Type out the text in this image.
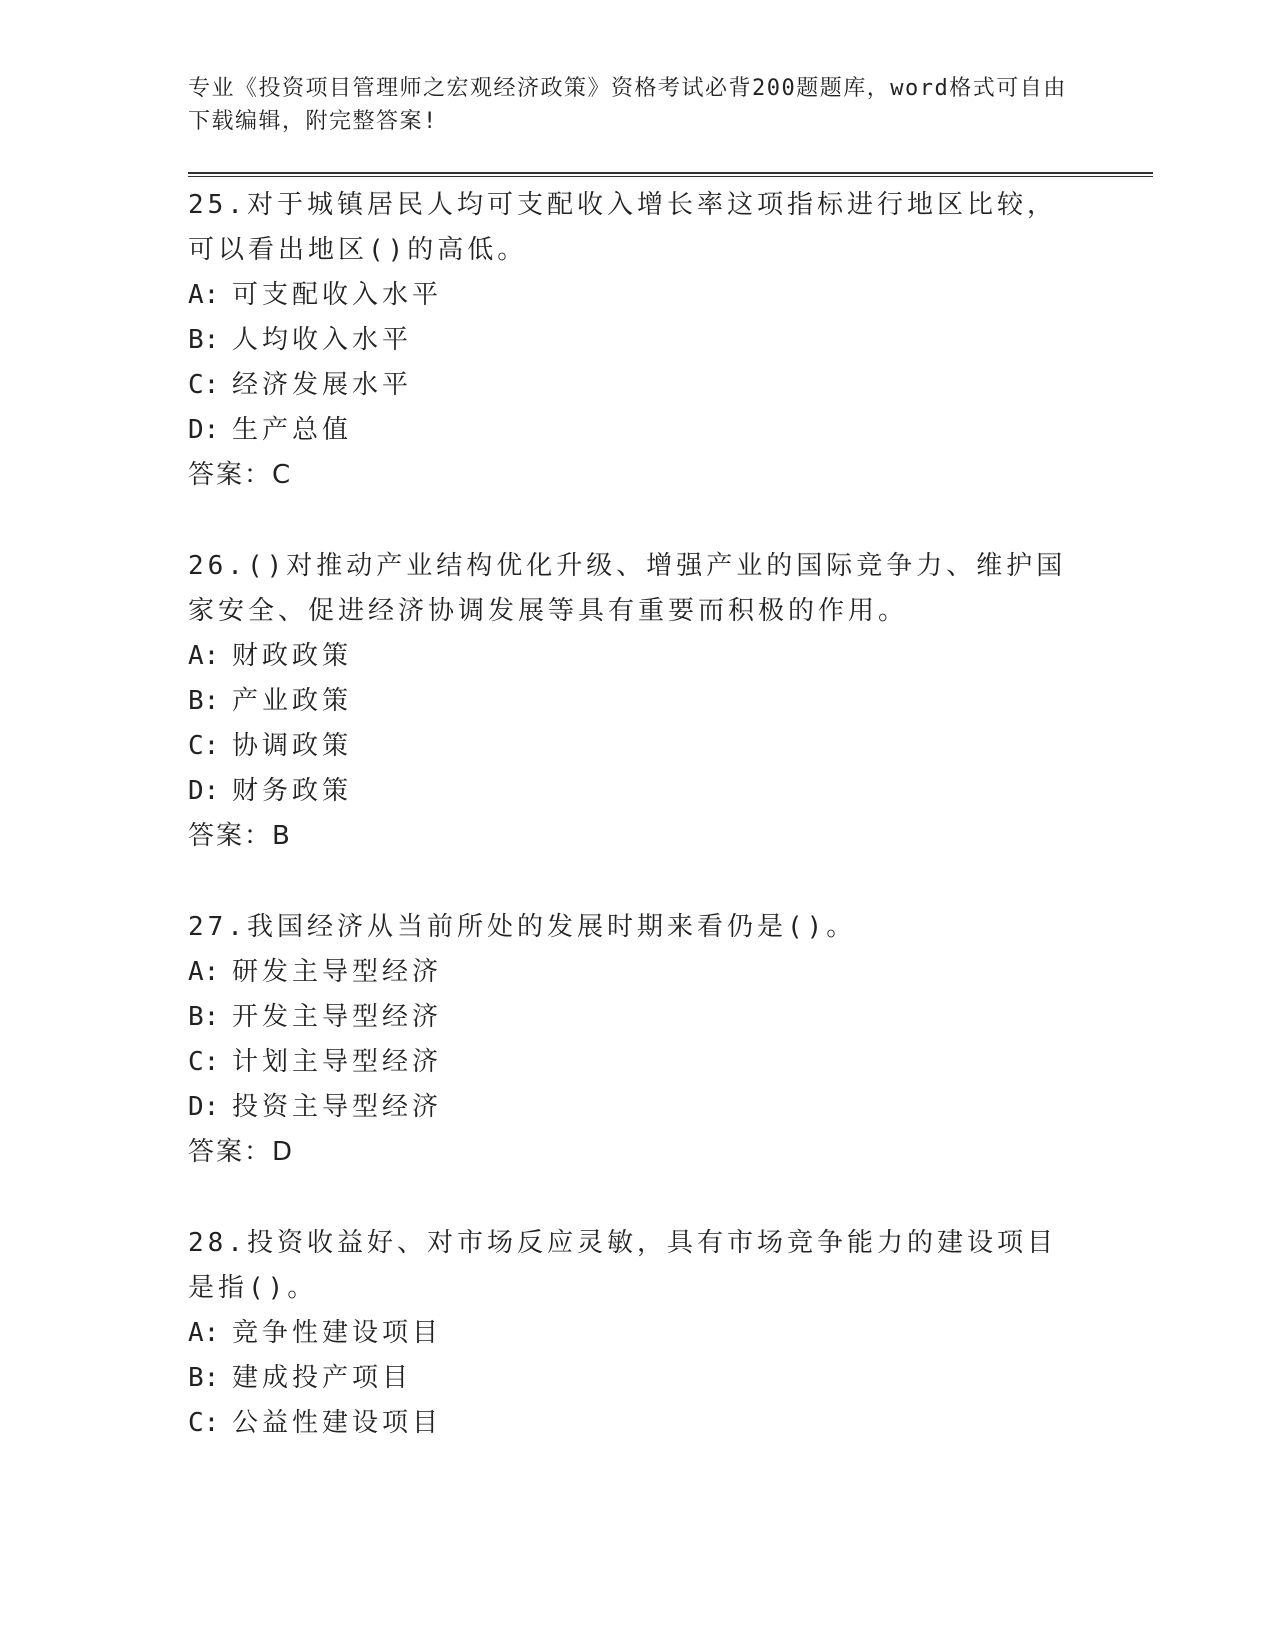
专业《投资项目管理师之宏观经济政策》资格考试必背200题题库，word格式可自由下载编辑，附完整答案!

25.对于城镇居民人均可支配收入增长率这项指标进行地区比较，可以看出地区()的高低。

A: 可支配收入水平

B: 人均收入水平

C: 经济发展水平

D: 生产总值

答案：C

26.()对推动产业结构优化升级、增强产业的国际竞争力、维护国家安全、促进经济协调发展等具有重要而积极的作用。

A: 财政政策

B: 产业政策

C: 协调政策

D: 财务政策

答案：B

27.我国经济从当前所处的发展时期来看仍是()。

A: 研发主导型经济

B: 开发主导型经济

C: 计划主导型经济

D: 投资主导型经济

答案：D

28.投资收益好、对市场反应灵敏，具有市场竞争能力的建设项目是指()。

A: 竞争性建设项目

B: 建成投产项目

C: 公益性建设项目
